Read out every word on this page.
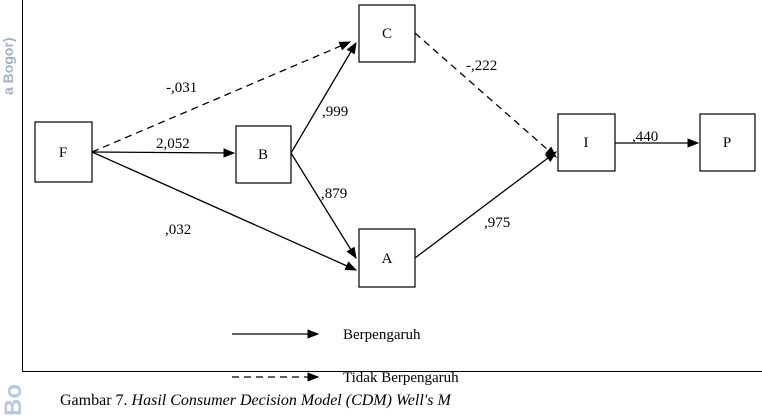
a Bogor)
Bo
F	B
C
A
I	P
-,031
2,052
,032
,999
,879
-,222
,975
,440
Berpengaruh
Tidak Berpengaruh
Gambar 7. Hasil Consumer Decision Model (CDM) Well's M
